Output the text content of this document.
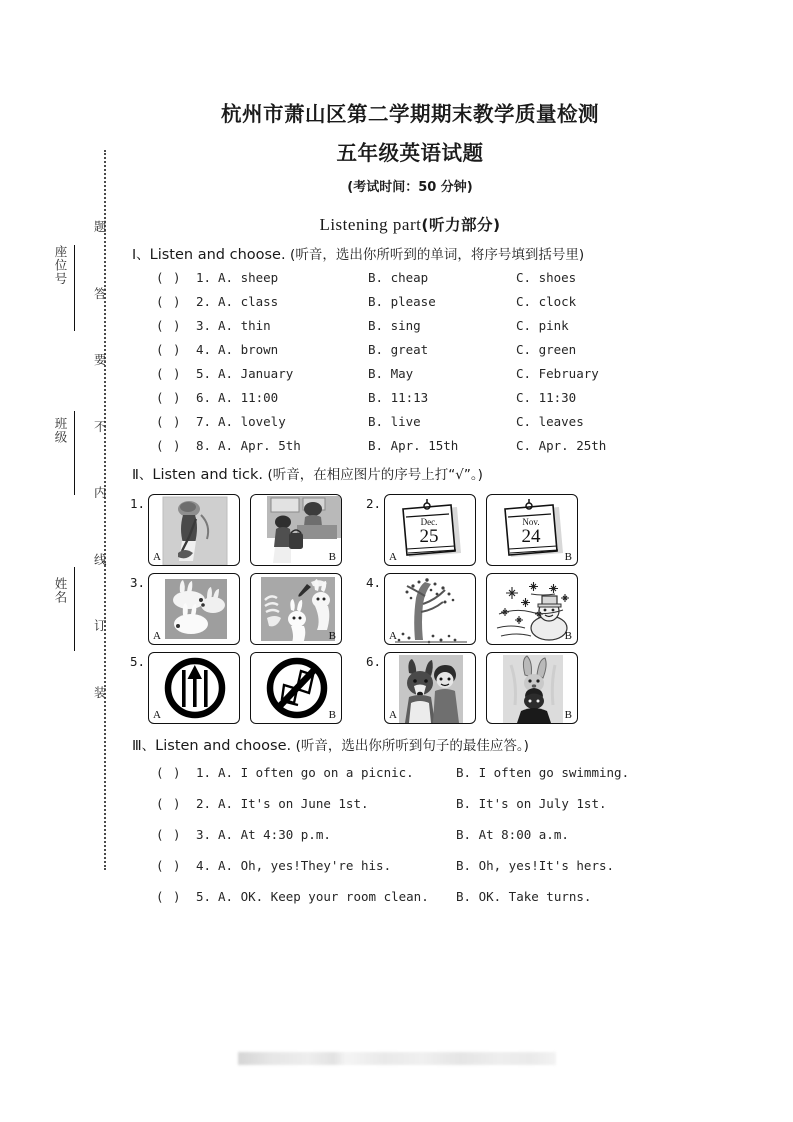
座位号
班级
姓名
题
答
要
不
内
线
订
装
杭州市萧山区第二学期期末教学质量检测
五年级英语试题
(考试时间：50 分钟)
Listening part(听力部分)
Ⅰ、Listen and choose. (听音，选出你所听到的单词，将序号填到括号里)
( )	1. A. sheep	B. cheap	C. shoes
( )	2. A. class	B. please	C. clock
( )	3. A. thin	B. sing	C. pink
( )	4. A. brown	B. great	C. green
( )	5. A. January	B. May	C. February
( )	6. A. 11:00	B. 11:13	C. 11:30
( )	7. A. lovely	B. live	C. leaves
( )	8. A. Apr. 5th	B. Apr. 15th	C. Apr. 25th
Ⅱ、Listen and tick. (听音，在相应图片的序号上打“√”。)
1.
A	B
2.
Dec.
25
A
Nov.
24
B
3.
A	B
4.
A	B
5.
A	B
6.
A	B
Ⅲ、Listen and choose. (听音，选出你所听到句子的最佳应答。)
( )	1. A. I often go on a picnic.	B. I often go swimming.
( )	2. A. It's on June 1st.	B. It's on July 1st.
( )	3. A. At 4:30 p.m.	B. At 8:00 a.m.
( )	4. A. Oh, yes!They're his.	B. Oh, yes!It's hers.
( )	5. A. OK. Keep your room clean.	B. OK. Take turns.
